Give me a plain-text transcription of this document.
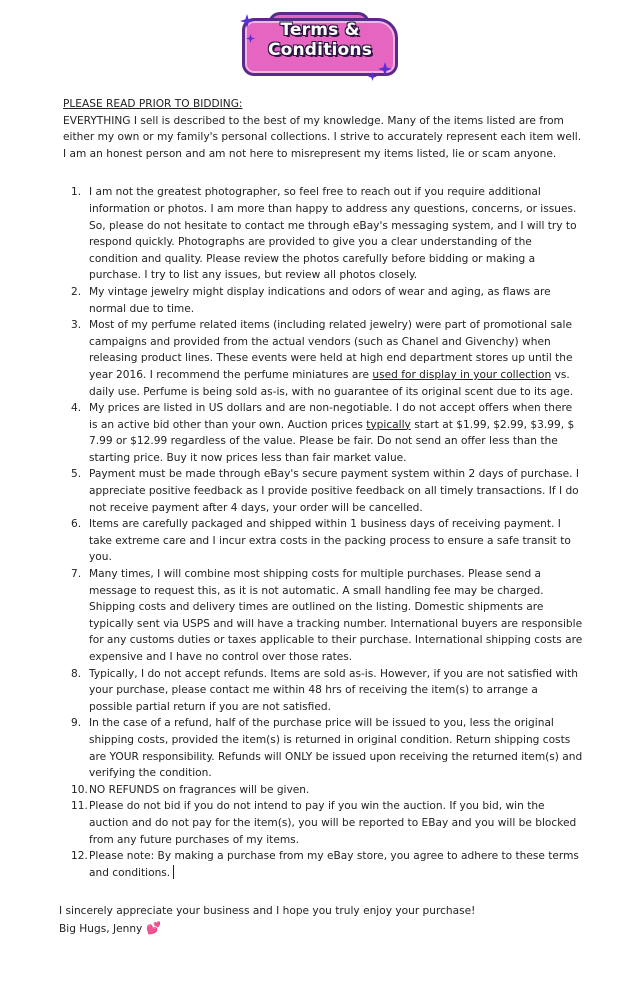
Terms &
Conditions

PLEASE READ PRIOR TO BIDDING:

EVERYTHING I sell is described to the best of my knowledge. Many of the items listed are from either my own or my family's personal collections. I strive to accurately represent each item well. I am an honest person and am not here to misrepresent my items listed, lie or scam anyone.

1. I am not the greatest photographer, so feel free to reach out if you require additional information or photos. I am more than happy to address any questions, concerns, or issues. So, please do not hesitate to contact me through eBay's messaging system, and I will try to respond quickly. Photographs are provided to give you a clear understanding of the condition and quality. Please review the photos carefully before bidding or making a purchase. I try to list any issues, but review all photos closely.
2. My vintage jewelry might display indications and odors of wear and aging, as flaws are normal due to time.
3. Most of my perfume related items (including related jewelry) were part of promotional sale campaigns and provided from the actual vendors (such as Chanel and Givenchy) when releasing product lines. These events were held at high end department stores up until the year 2016. I recommend the perfume miniatures are used for display in your collection vs. daily use. Perfume is being sold as-is, with no guarantee of its original scent due to its age.
4. My prices are listed in US dollars and are non-negotiable. I do not accept offers when there is an active bid other than your own. Auction prices typically start at $1.99, $2.99, $3.99, $ 7.99 or $12.99 regardless of the value. Please be fair. Do not send an offer less than the starting price. Buy it now prices less than fair market value.
5. Payment must be made through eBay's secure payment system within 2 days of purchase. I appreciate positive feedback as I provide positive feedback on all timely transactions. If I do not receive payment after 4 days, your order will be cancelled.
6. Items are carefully packaged and shipped within 1 business days of receiving payment. I take extreme care and I incur extra costs in the packing process to ensure a safe transit to you.
7. Many times, I will combine most shipping costs for multiple purchases. Please send a message to request this, as it is not automatic. A small handling fee may be charged. Shipping costs and delivery times are outlined on the listing. Domestic shipments are typically sent via USPS and will have a tracking number. International buyers are responsible for any customs duties or taxes applicable to their purchase. International shipping costs are expensive and I have no control over those rates.
8. Typically, I do not accept refunds. Items are sold as-is. However, if you are not satisfied with your purchase, please contact me within 48 hrs of receiving the item(s) to arrange a possible partial return if you are not satisfied.
9. In the case of a refund, half of the purchase price will be issued to you, less the original shipping costs, provided the item(s) is returned in original condition. Return shipping costs are YOUR responsibility. Refunds will ONLY be issued upon receiving the returned item(s) and verifying the condition.
10. NO REFUNDS on fragrances will be given.
11. Please do not bid if you do not intend to pay if you win the auction. If you bid, win the auction and do not pay for the item(s), you will be reported to EBay and you will be blocked from any future purchases of my items.
12. Please note: By making a purchase from my eBay store, you agree to adhere to these terms and conditions.

I sincerely appreciate your business and I hope you truly enjoy your purchase!

Big Hugs, Jenny 💕
